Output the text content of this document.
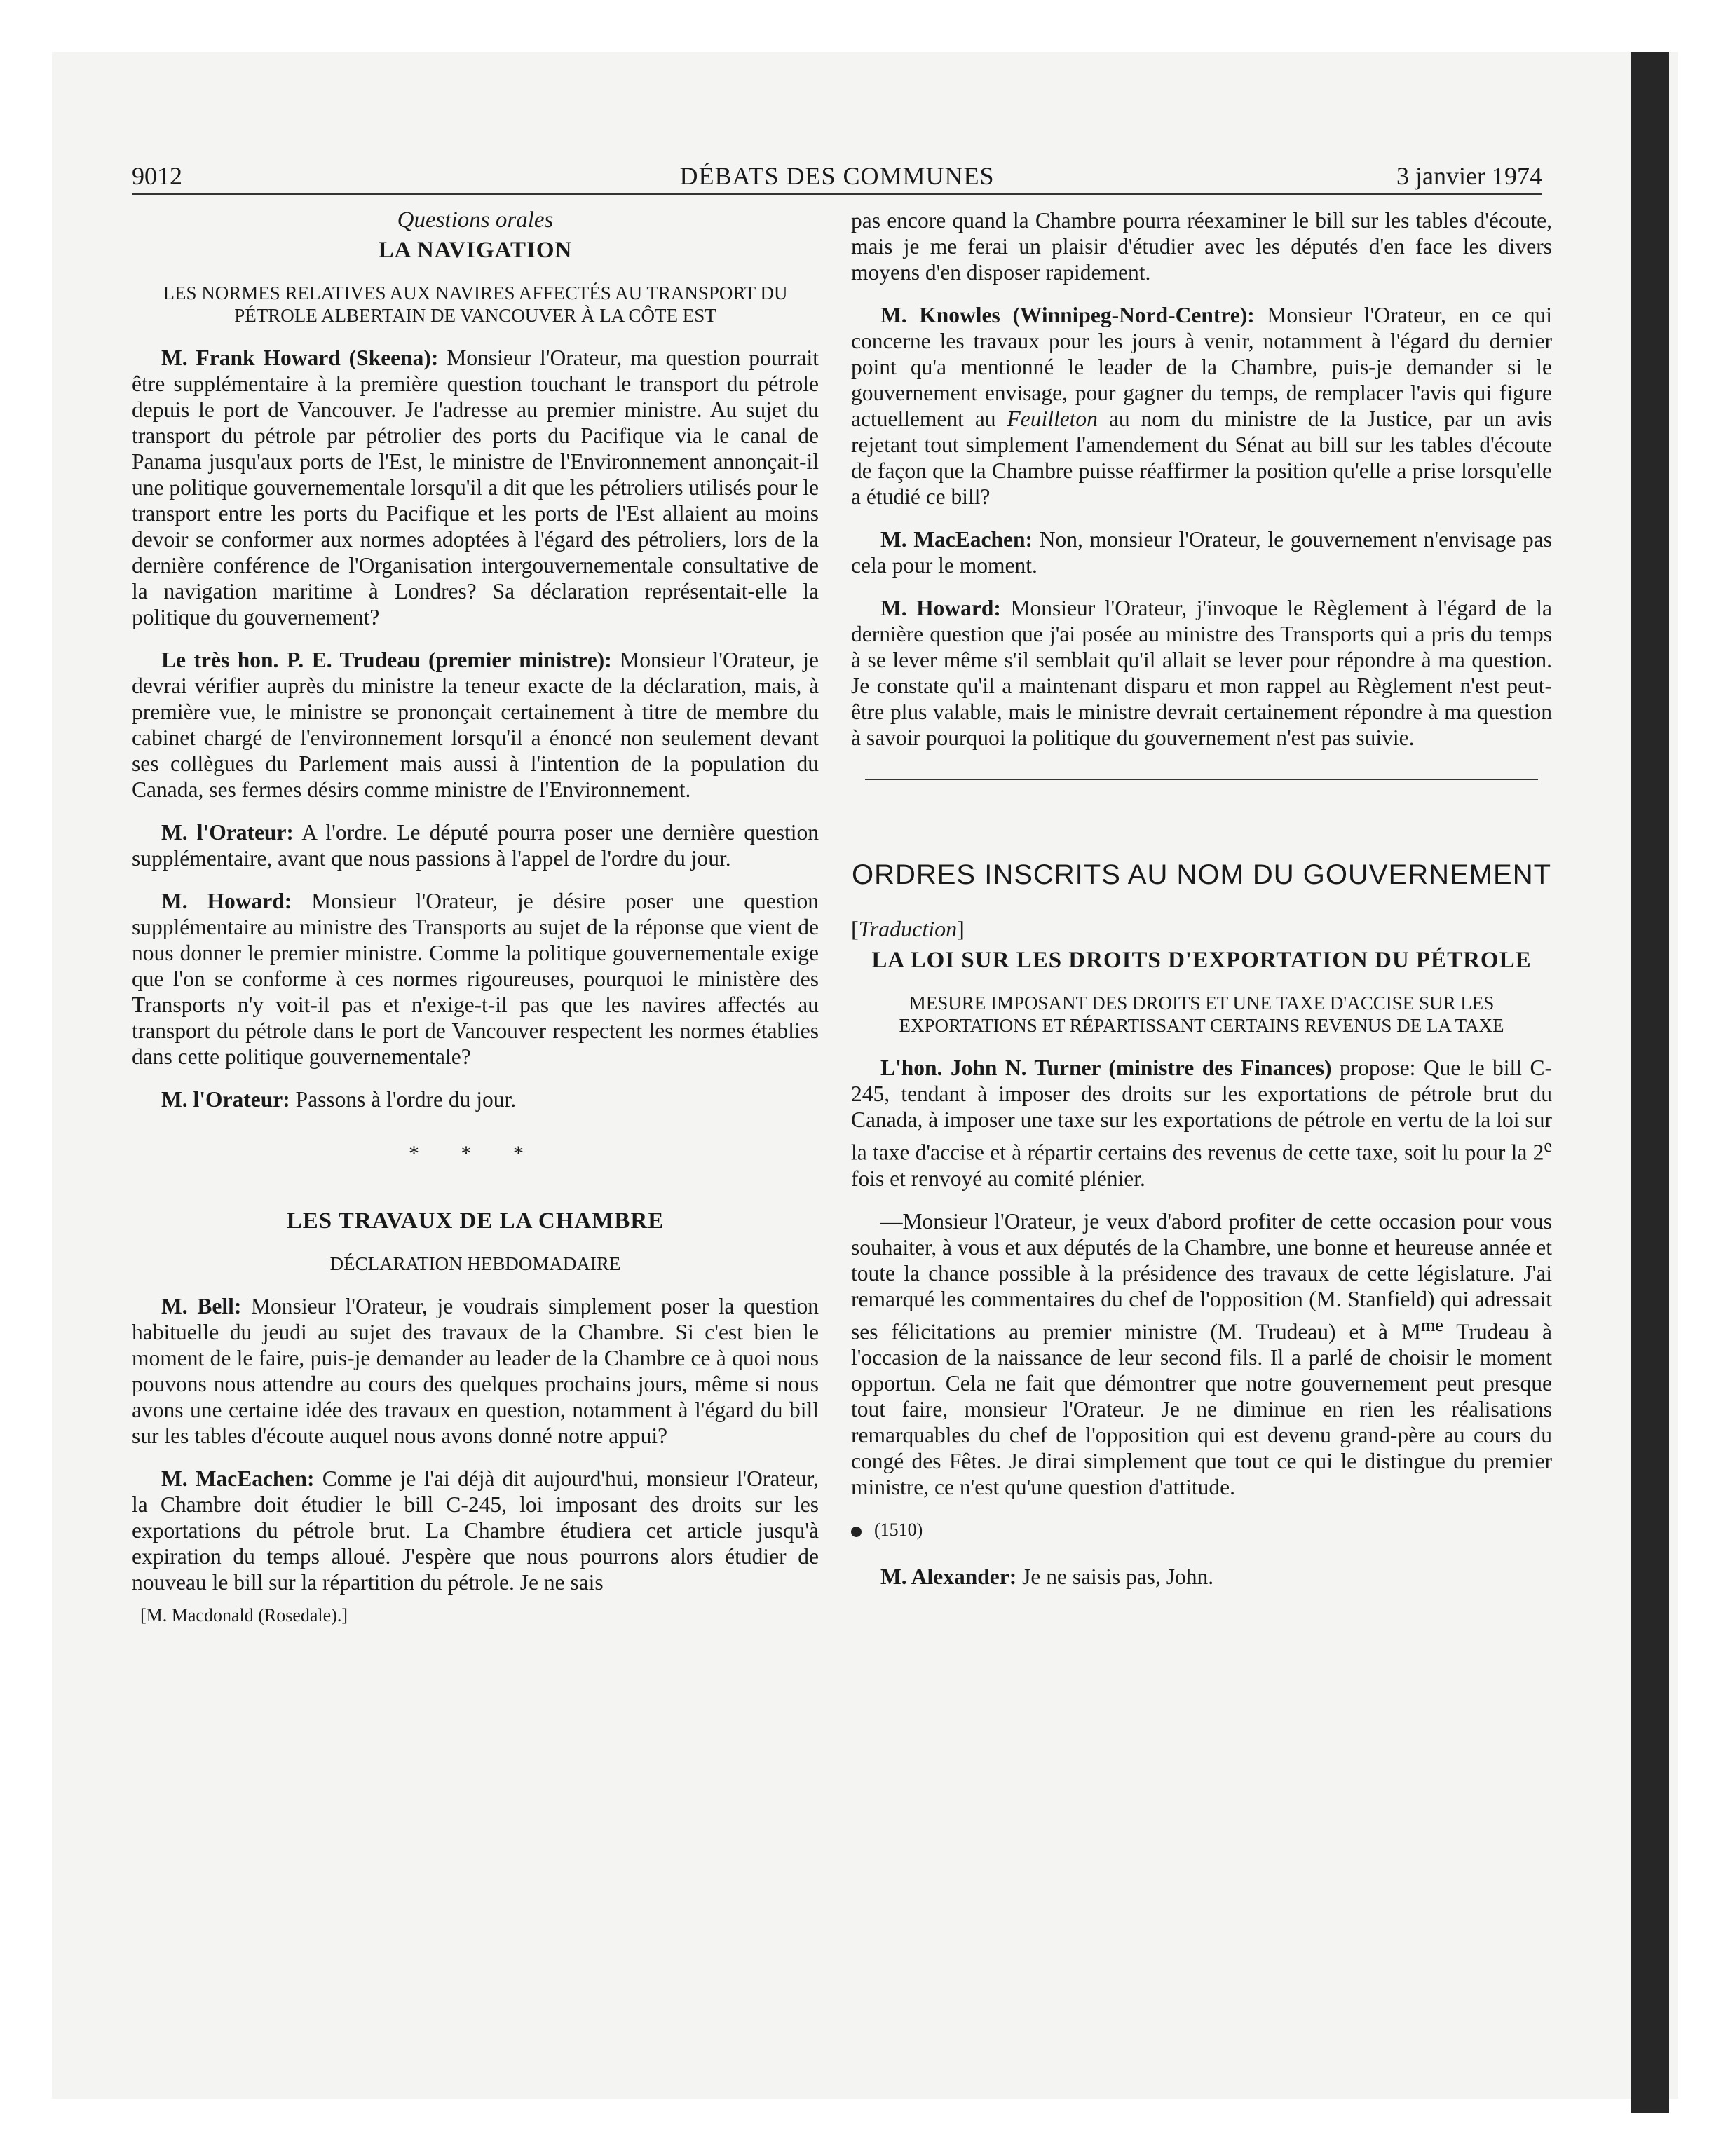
9012	DÉBATS DES COMMUNES	3 janvier 1974
Questions orales
LA NAVIGATION
LES NORMES RELATIVES AUX NAVIRES AFFECTÉS AU TRANSPORT DU PÉTROLE ALBERTAIN DE VANCOUVER À LA CÔTE EST

M. Frank Howard (Skeena): Monsieur l'Orateur, ma question pourrait être supplémentaire à la première question touchant le transport du pétrole depuis le port de Vancouver. Je l'adresse au premier ministre. Au sujet du transport du pétrole par pétrolier des ports du Pacifique via le canal de Panama jusqu'aux ports de l'Est, le ministre de l'Environnement annonçait-il une politique gouvernementale lorsqu'il a dit que les pétroliers utilisés pour le transport entre les ports du Pacifique et les ports de l'Est allaient au moins devoir se conformer aux normes adoptées à l'égard des pétroliers, lors de la dernière conférence de l'Organisation intergouvernementale consultative de la navigation maritime à Londres? Sa déclaration représentait-elle la politique du gouvernement?

Le très hon. P. E. Trudeau (premier ministre): Monsieur l'Orateur, je devrai vérifier auprès du ministre la teneur exacte de la déclaration, mais, à première vue, le ministre se prononçait certainement à titre de membre du cabinet chargé de l'environnement lorsqu'il a énoncé non seulement devant ses collègues du Parlement mais aussi à l'intention de la population du Canada, ses fermes désirs comme ministre de l'Environnement.

M. l'Orateur: A l'ordre. Le député pourra poser une dernière question supplémentaire, avant que nous passions à l'appel de l'ordre du jour.

M. Howard: Monsieur l'Orateur, je désire poser une question supplémentaire au ministre des Transports au sujet de la réponse que vient de nous donner le premier ministre. Comme la politique gouvernementale exige que l'on se conforme à ces normes rigoureuses, pourquoi le ministère des Transports n'y voit-il pas et n'exige-t-il pas que les navires affectés au transport du pétrole dans le port de Vancouver respectent les normes établies dans cette politique gouvernementale?

M. l'Orateur: Passons à l'ordre du jour.

* * *
LES TRAVAUX DE LA CHAMBRE
DÉCLARATION HEBDOMADAIRE

M. Bell: Monsieur l'Orateur, je voudrais simplement poser la question habituelle du jeudi au sujet des travaux de la Chambre. Si c'est bien le moment de le faire, puis-je demander au leader de la Chambre ce à quoi nous pouvons nous attendre au cours des quelques prochains jours, même si nous avons une certaine idée des travaux en question, notamment à l'égard du bill sur les tables d'écoute auquel nous avons donné notre appui?

M. MacEachen: Comme je l'ai déjà dit aujourd'hui, monsieur l'Orateur, la Chambre doit étudier le bill C-245, loi imposant des droits sur les exportations du pétrole brut. La Chambre étudiera cet article jusqu'à expiration du temps alloué. J'espère que nous pourrons alors étudier de nouveau le bill sur la répartition du pétrole. Je ne sais

[M. Macdonald (Rosedale).]

pas encore quand la Chambre pourra réexaminer le bill sur les tables d'écoute, mais je me ferai un plaisir d'étudier avec les députés d'en face les divers moyens d'en disposer rapidement.

M. Knowles (Winnipeg-Nord-Centre): Monsieur l'Orateur, en ce qui concerne les travaux pour les jours à venir, notamment à l'égard du dernier point qu'a mentionné le leader de la Chambre, puis-je demander si le gouvernement envisage, pour gagner du temps, de remplacer l'avis qui figure actuellement au Feuilleton au nom du ministre de la Justice, par un avis rejetant tout simplement l'amendement du Sénat au bill sur les tables d'écoute de façon que la Chambre puisse réaffirmer la position qu'elle a prise lorsqu'elle a étudié ce bill?

M. MacEachen: Non, monsieur l'Orateur, le gouvernement n'envisage pas cela pour le moment.

M. Howard: Monsieur l'Orateur, j'invoque le Règlement à l'égard de la dernière question que j'ai posée au ministre des Transports qui a pris du temps à se lever même s'il semblait qu'il allait se lever pour répondre à ma question. Je constate qu'il a maintenant disparu et mon rappel au Règlement n'est peut-être plus valable, mais le ministre devrait certainement répondre à ma question à savoir pourquoi la politique du gouvernement n'est pas suivie.

ORDRES INSCRITS AU NOM DU GOUVERNEMENT
[Traduction]
LA LOI SUR LES DROITS D'EXPORTATION DU PÉTROLE
MESURE IMPOSANT DES DROITS ET UNE TAXE D'ACCISE SUR LES EXPORTATIONS ET RÉPARTISSANT CERTAINS REVENUS DE LA TAXE

L'hon. John N. Turner (ministre des Finances) propose: Que le bill C-245, tendant à imposer des droits sur les exportations de pétrole brut du Canada, à imposer une taxe sur les exportations de pétrole en vertu de la loi sur la taxe d'accise et à répartir certains des revenus de cette taxe, soit lu pour la 2e fois et renvoyé au comité plénier.

—Monsieur l'Orateur, je veux d'abord profiter de cette occasion pour vous souhaiter, à vous et aux députés de la Chambre, une bonne et heureuse année et toute la chance possible à la présidence des travaux de cette législature. J'ai remarqué les commentaires du chef de l'opposition (M. Stanfield) qui adressait ses félicitations au premier ministre (M. Trudeau) et à $M^{me}$ Trudeau à l'occasion de la naissance de leur second fils. Il a parlé de choisir le moment opportun. Cela ne fait que démontrer que notre gouvernement peut presque tout faire, monsieur l'Orateur. Je ne diminue en rien les réalisations remarquables du chef de l'opposition qui est devenu grand-père au cours du congé des Fêtes. Je dirai simplement que tout ce qui le distingue du premier ministre, ce n'est qu'une question d'attitude.

(1510)

M. Alexander: Je ne saisis pas, John.
